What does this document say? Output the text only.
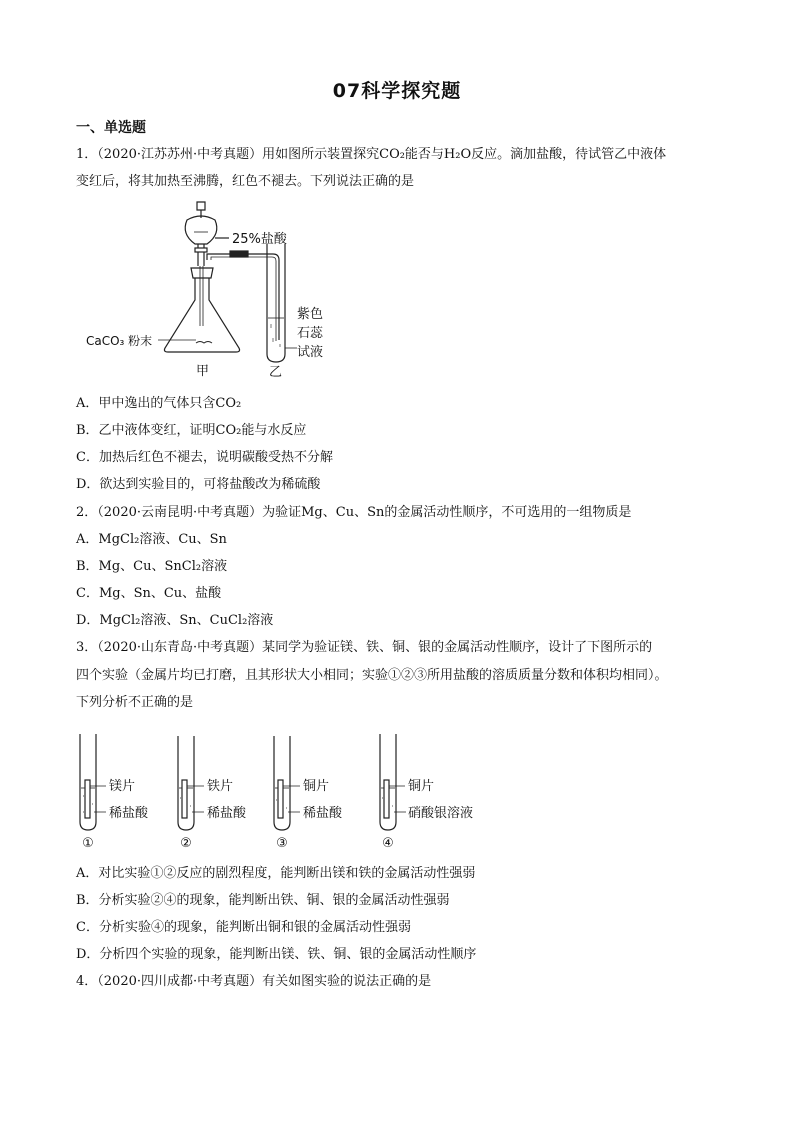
07科学探究题
一、单选题
1．（2020·江苏苏州·中考真题）用如图所示装置探究CO₂能否与H₂O反应。滴加盐酸，待试管乙中液体
变红后，将其加热至沸腾，红色不褪去。下列说法正确的是
25%盐酸
CaCO₃ 粉末
甲	乙
紫色
石蕊
试液
A．甲中逸出的气体只含CO₂
B．乙中液体变红，证明CO₂能与水反应
C．加热后红色不褪去，说明碳酸受热不分解
D．欲达到实验目的，可将盐酸改为稀硫酸
2．（2020·云南昆明·中考真题）为验证Mg、Cu、Sn的金属活动性顺序，不可选用的一组物质是
A．MgCl₂溶液、Cu、Sn
B．Mg、Cu、SnCl₂溶液
C．Mg、Sn、Cu、盐酸
D．MgCl₂溶液、Sn、CuCl₂溶液
3．（2020·山东青岛·中考真题）某同学为验证镁、铁、铜、银的金属活动性顺序，设计了下图所示的
四个实验（金属片均已打磨，且其形状大小相同；实验①②③所用盐酸的溶质质量分数和体积均相同）。
下列分析不正确的是
镁片
稀盐酸
①
铁片
稀盐酸
②
铜片
稀盐酸
③
铜片
硝酸银溶液
④
A．对比实验①②反应的剧烈程度，能判断出镁和铁的金属活动性强弱
B．分析实验②④的现象，能判断出铁、铜、银的金属活动性强弱
C．分析实验④的现象，能判断出铜和银的金属活动性强弱
D．分析四个实验的现象，能判断出镁、铁、铜、银的金属活动性顺序
4．（2020·四川成都·中考真题）有关如图实验的说法正确的是
